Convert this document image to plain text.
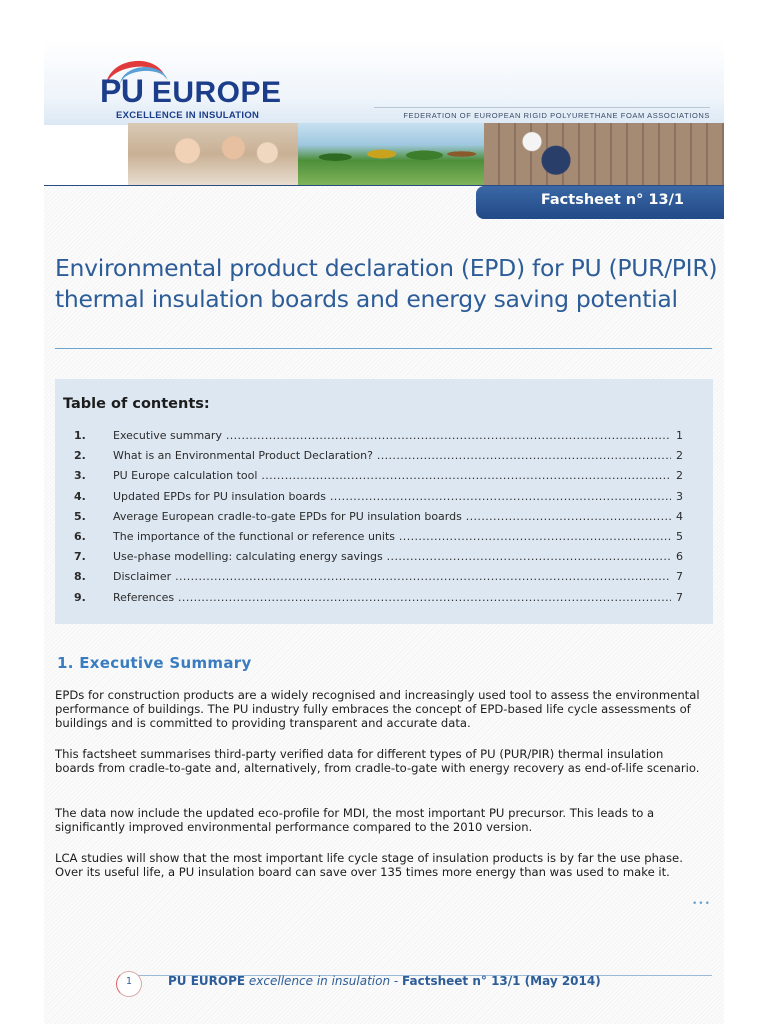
PU EUROPE
EXCELLENCE IN INSULATION	FEDERATION OF EUROPEAN RIGID POLYURETHANE FOAM ASSOCIATIONS
Factsheet n° 13/1
Environmental product declaration (EPD) for PU (PUR/PIR) thermal insulation boards and energy saving potential
Table of contents:
1. Executive summary .....	1
2. What is an Environmental Product Declaration? .....	2
3. PU Europe calculation tool .....	2
4. Updated EPDs for PU insulation boards .....	3
5. Average European cradle-to-gate EPDs for PU insulation boards .....	4
6. The importance of the functional or reference units .....	5
7. Use-phase modelling: calculating energy savings .....	6
8. Disclaimer .....	7
9. References .....	7
1. Executive Summary
EPDs for construction products are a widely recognised and increasingly used tool to assess the environmental performance of buildings. The PU industry fully embraces the concept of EPD-based life cycle assessments of buildings and is committed to providing transparent and accurate data.
This factsheet summarises third-party verified data for different types of PU (PUR/PIR) thermal insulation boards from cradle-to-gate and, alternatively, from cradle-to-gate with energy recovery as end-of-life scenario.
The data now include the updated eco-profile for MDI, the most important PU precursor. This leads to a significantly improved environmental performance compared to the 2010 version.
LCA studies will show that the most important life cycle stage of insulation products is by far the use phase. Over its useful life, a PU insulation board can save over 135 times more energy than was used to make it.
•••
1	PU EUROPE excellence in insulation - Factsheet n° 13/1 (May 2014)
